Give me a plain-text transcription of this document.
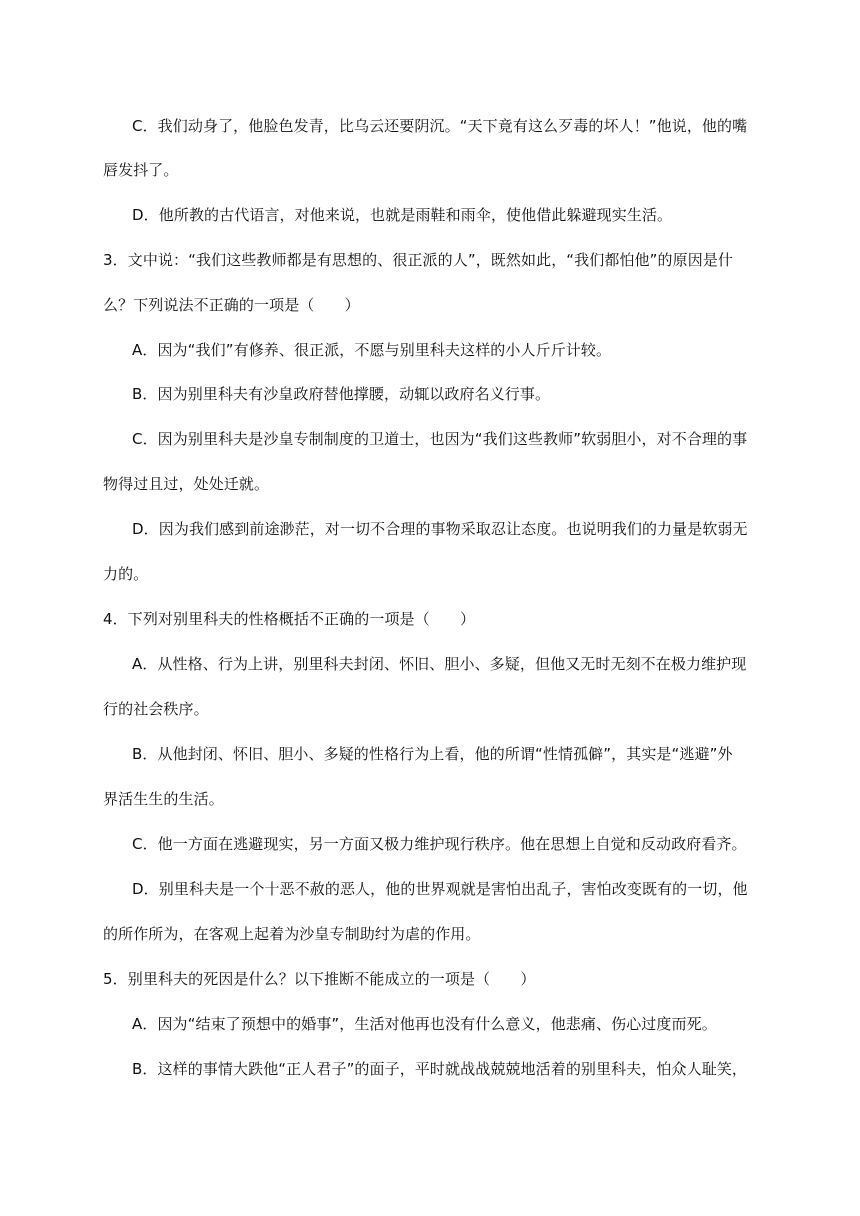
C．我们动身了，他脸色发青，比乌云还要阴沉。“天下竟有这么歹毒的坏人！”他说，他的嘴
唇发抖了。
D．他所教的古代语言，对他来说，也就是雨鞋和雨伞，使他借此躲避现实生活。
3．文中说：“我们这些教师都是有思想的、很正派的人”，既然如此，“我们都怕他”的原因是什
么？下列说法不正确的一项是（　　）
A．因为“我们”有修养、很正派，不愿与别里科夫这样的小人斤斤计较。
B．因为别里科夫有沙皇政府替他撑腰，动辄以政府名义行事。
C．因为别里科夫是沙皇专制制度的卫道士，也因为“我们这些教师”软弱胆小，对不合理的事
物得过且过，处处迁就。
D．因为我们感到前途渺茫，对一切不合理的事物采取忍让态度。也说明我们的力量是软弱无
力的。
4．下列对别里科夫的性格概括不正确的一项是（　　）
A．从性格、行为上讲，别里科夫封闭、怀旧、胆小、多疑，但他又无时无刻不在极力维护现
行的社会秩序。
B．从他封闭、怀旧、胆小、多疑的性格行为上看，他的所谓“性情孤僻”，其实是“逃避”外
界活生生的生活。
C．他一方面在逃避现实，另一方面又极力维护现行秩序。他在思想上自觉和反动政府看齐。
D．别里科夫是一个十恶不赦的恶人，他的世界观就是害怕出乱子，害怕改变既有的一切，他
的所作所为，在客观上起着为沙皇专制助纣为虐的作用。
5．别里科夫的死因是什么？以下推断不能成立的一项是（　　）
A．因为“结束了预想中的婚事”，生活对他再也没有什么意义，他悲痛、伤心过度而死。
B．这样的事情大跌他“正人君子”的面子，平时就战战兢兢地活着的别里科夫，怕众人耻笑，
